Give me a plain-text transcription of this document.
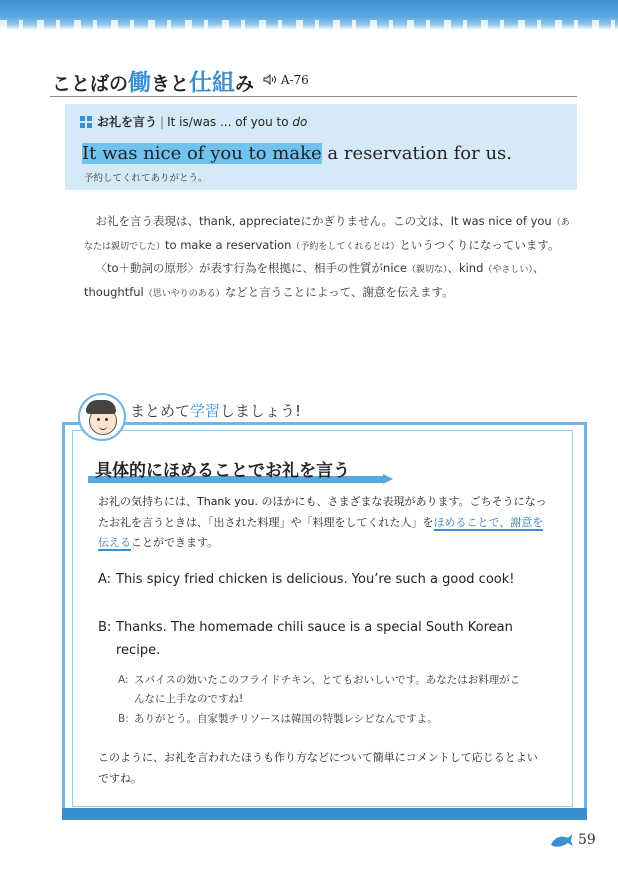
ことばの働きと仕組み	A-76
お礼を言う | It is/was ... of you to do
It was nice of you to make a reservation for us.
予約してくれてありがとう。

お礼を言う表現は、thank, appreciateにかぎりません。この文は、It was nice of you（あなたは親切でした）to make a reservation（予約をしてくれるとは）というつくりになっています。

〈to＋動詞の原形〉が表す行為を根拠に、相手の性質がnice（親切な）、kind（やさしい）、thoughtful（思いやりのある）などと言うことによって、謝意を伝えます。

まとめて学習しましょう!
具体的にほめることでお礼を言う

お礼の気持ちには、Thank you. のほかにも、さまざまな表現があります。ごちそうになったお礼を言うときは、「出された料理」や「料理をしてくれた人」をほめることで、謝意を伝えることができます。

A: This spicy fried chicken is delicious. You’re such a good cook!
B: Thanks. The homemade chili sauce is a special South Korean recipe.
A: スパイスの効いたこのフライドチキン、とてもおいしいです。あなたはお料理がこんなに上手なのですね!
B: ありがとう。自家製チリソースは韓国の特製レシピなんですよ。
このように、お礼を言われたほうも作り方などについて簡単にコメントして応じるとよいですね。
59
